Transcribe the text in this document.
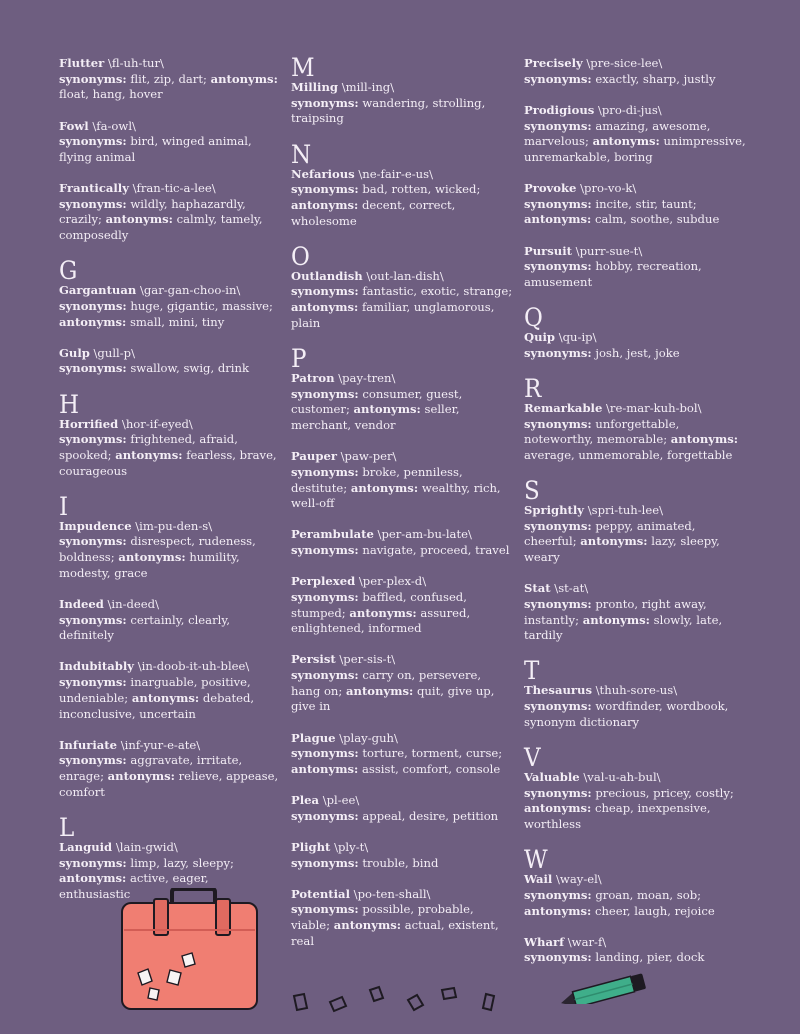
Flutter \fl-uh-tur\
synonyms: flit, zip, dart; antonyms: float, hang, hover
Fowl \fa-owl\
synonyms: bird, winged animal, flying animal
Frantically \fran-tic-a-lee\
synonyms: wildly, haphazardly, crazily; antonyms: calmly, tamely, composedly
G
Gargantuan \gar-gan-choo-in\
synonyms: huge, gigantic, massive; antonyms: small, mini, tiny
Gulp \gull-p\
synonyms: swallow, swig, drink
H
Horrified \hor-if-eyed\
synonyms: frightened, afraid, spooked; antonyms: fearless, brave, courageous
I
Impudence \im-pu-den-s\
synonyms: disrespect, rudeness, boldness; antonyms: humility, modesty, grace
Indeed \in-deed\
synonyms: certainly, clearly, definitely
Indubitably \in-doob-it-uh-blee\
synonyms: inarguable, positive, undeniable; antonyms: debated, inconclusive, uncertain
Infuriate \inf-yur-e-ate\
synonyms: aggravate, irritate, enrage; antonyms: relieve, appease, comfort
L
Languid \lain-gwid\
synonyms: limp, lazy, sleepy; antonyms: active, eager, enthusiastic
M
Milling \mill-ing\
synonyms: wandering, strolling, traipsing
N
Nefarious \ne-fair-e-us\
synonyms: bad, rotten, wicked; antonyms: decent, correct, wholesome
O
Outlandish \out-lan-dish\
synonyms: fantastic, exotic, strange; antonyms: familiar, unglamorous, plain
P
Patron \pay-tren\
synonyms: consumer, guest, customer; antonyms: seller, merchant, vendor
Pauper \paw-per\
synonyms: broke, penniless, destitute; antonyms: wealthy, rich, well-off
Perambulate \per-am-bu-late\
synonyms: navigate, proceed, travel
Perplexed \per-plex-d\
synonyms: baffled, confused, stumped; antonyms: assured, enlightened, informed
Persist \per-sis-t\
synonyms: carry on, persevere, hang on; antonyms: quit, give up, give in
Plague \play-guh\
synonyms: torture, torment, curse; antonyms: assist, comfort, console
Plea \pl-ee\
synonyms: appeal, desire, petition
Plight \ply-t\
synonyms: trouble, bind
Potential \po-ten-shall\
synonyms: possible, probable, viable; antonyms: actual, existent, real
Precisely \pre-sice-lee\
synonyms: exactly, sharp, justly
Prodigious \pro-di-jus\
synonyms: amazing, awesome, marvelous; antonyms: unimpressive, unremarkable, boring
Provoke \pro-vo-k\
synonyms: incite, stir, taunt; antonyms: calm, soothe, subdue
Pursuit \purr-sue-t\
synonyms: hobby, recreation, amusement
Q
Quip \qu-ip\
synonyms: josh, jest, joke
R
Remarkable \re-mar-kuh-bol\
synonyms: unforgettable, noteworthy, memorable; antonyms: average, unmemorable, forgettable
S
Sprightly \spri-tuh-lee\
synonyms: peppy, animated, cheerful; antonyms: lazy, sleepy, weary
Stat \st-at\
synonyms: pronto, right away, instantly; antonyms: slowly, late, tardily
T
Thesaurus \thuh-sore-us\
synonyms: wordfinder, wordbook, synonym dictionary
V
Valuable \val-u-ah-bul\
synonyms: precious, pricey, costly; antonyms: cheap, inexpensive, worthless
W
Wail \way-el\
synonyms: groan, moan, sob; antonyms: cheer, laugh, rejoice
Wharf \war-f\
synonyms: landing, pier, dock
